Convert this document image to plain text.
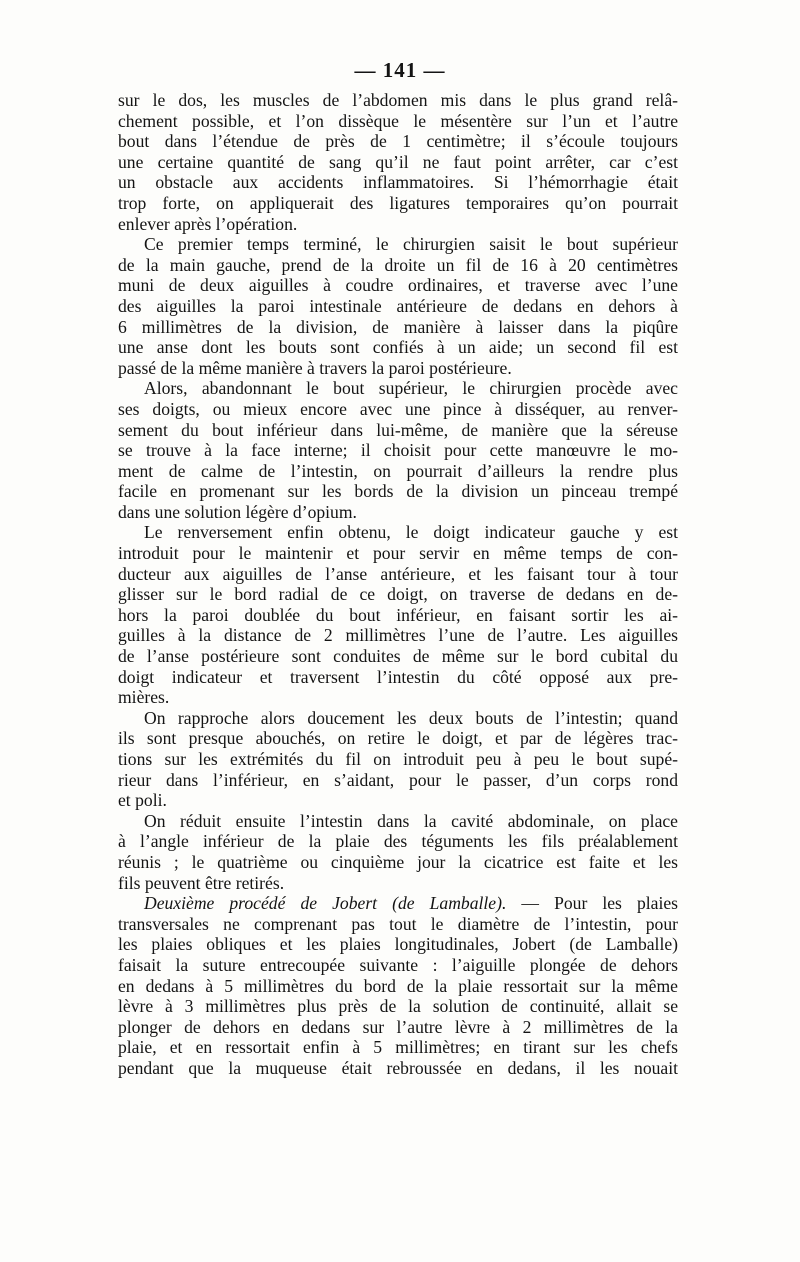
— 141 —
sur le dos, les muscles de l’abdomen mis dans le plus grand relâ-
chement possible, et l’on dissèque le mésentère sur l’un et l’autre
bout dans l’étendue de près de 1 centimètre; il s’écoule toujours
une certaine quantité de sang qu’il ne faut point arrêter, car c’est
un obstacle aux accidents inflammatoires. Si l’hémorrhagie était
trop forte, on appliquerait des ligatures temporaires qu’on pourrait
enlever après l’opération.
Ce premier temps terminé, le chirurgien saisit le bout supérieur
de la main gauche, prend de la droite un fil de 16 à 20 centimètres
muni de deux aiguilles à coudre ordinaires, et traverse avec l’une
des aiguilles la paroi intestinale antérieure de dedans en dehors à
6 millimètres de la division, de manière à laisser dans la piqûre
une anse dont les bouts sont confiés à un aide; un second fil est
passé de la même manière à travers la paroi postérieure.
Alors, abandonnant le bout supérieur, le chirurgien procède avec
ses doigts, ou mieux encore avec une pince à disséquer, au renver-
sement du bout inférieur dans lui-même, de manière que la séreuse
se trouve à la face interne; il choisit pour cette manœuvre le mo-
ment de calme de l’intestin, on pourrait d’ailleurs la rendre plus
facile en promenant sur les bords de la division un pinceau trempé
dans une solution légère d’opium.
Le renversement enfin obtenu, le doigt indicateur gauche y est
introduit pour le maintenir et pour servir en même temps de con-
ducteur aux aiguilles de l’anse antérieure, et les faisant tour à tour
glisser sur le bord radial de ce doigt, on traverse de dedans en de-
hors la paroi doublée du bout inférieur, en faisant sortir les ai-
guilles à la distance de 2 millimètres l’une de l’autre. Les aiguilles
de l’anse postérieure sont conduites de même sur le bord cubital du
doigt indicateur et traversent l’intestin du côté opposé aux pre-
mières.
On rapproche alors doucement les deux bouts de l’intestin; quand
ils sont presque abouchés, on retire le doigt, et par de légères trac-
tions sur les extrémités du fil on introduit peu à peu le bout supé-
rieur dans l’inférieur, en s’aidant, pour le passer, d’un corps rond
et poli.
On réduit ensuite l’intestin dans la cavité abdominale, on place
à l’angle inférieur de la plaie des téguments les fils préalablement
réunis ; le quatrième ou cinquième jour la cicatrice est faite et les
fils peuvent être retirés.
Deuxième procédé de Jobert (de Lamballe). — Pour les plaies
transversales ne comprenant pas tout le diamètre de l’intestin, pour
les plaies obliques et les plaies longitudinales, Jobert (de Lamballe)
faisait la suture entrecoupée suivante : l’aiguille plongée de dehors
en dedans à 5 millimètres du bord de la plaie ressortait sur la même
lèvre à 3 millimètres plus près de la solution de continuité, allait se
plonger de dehors en dedans sur l’autre lèvre à 2 millimètres de la
plaie, et en ressortait enfin à 5 millimètres; en tirant sur les chefs
pendant que la muqueuse était rebroussée en dedans, il les nouait
